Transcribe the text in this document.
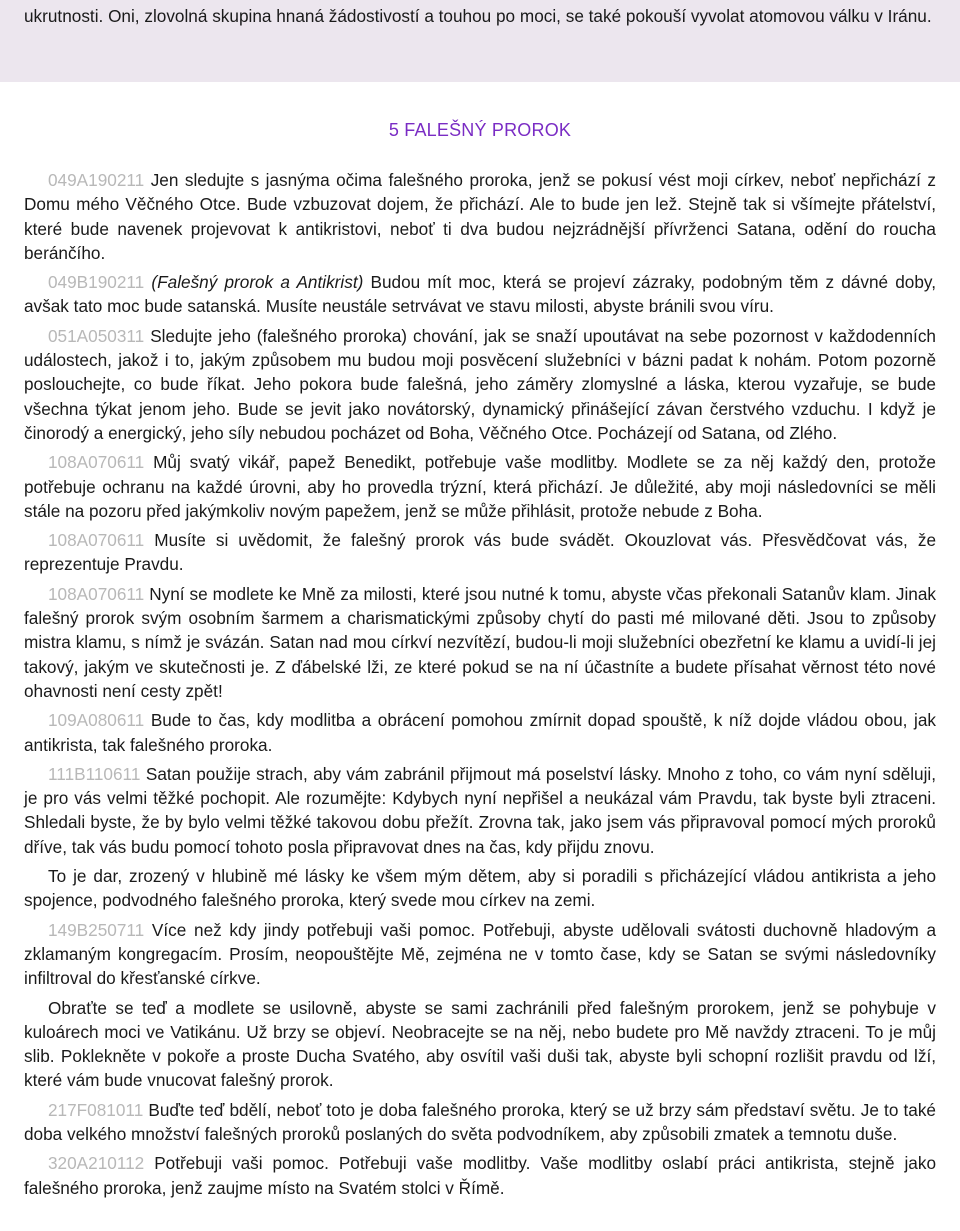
ukrutnosti. Oni, zlovolná skupina hnaná žádostivostí a touhou po moci, se také pokouší vyvolat atomovou válku v Iránu.
5 FALEŠNÝ PROROK

049A190211 Jen sledujte s jasnýma očima falešného proroka, jenž se pokusí vést moji církev, neboť nepřichází z Domu mého Věčného Otce. Bude vzbuzovat dojem, že přichází. Ale to bude jen lež. Stejně tak si všímejte přátelství, které bude navenek projevovat k antikristovi, neboť ti dva budou nejzrádnější přívrženci Satana, odění do roucha beránčího.

049B190211 (Falešný prorok a Antikrist) Budou mít moc, která se projeví zázraky, podobným těm z dávné doby, avšak tato moc bude satanská. Musíte neustále setrvávat ve stavu milosti, abyste bránili svou víru.

051A050311 Sledujte jeho (falešného proroka) chování, jak se snaží upoutávat na sebe pozornost v každodenních událostech, jakož i to, jakým způsobem mu budou moji posvěcení služebníci v bázni padat k nohám. Potom pozorně poslouchejte, co bude říkat. Jeho pokora bude falešná, jeho záměry zlomyslné a láska, kterou vyzařuje, se bude všechna týkat jenom jeho. Bude se jevit jako novátorský, dynamický přinášející závan čerstvého vzduchu. I když je činorodý a energický, jeho síly nebudou pocházet od Boha, Věčného Otce. Pocházejí od Satana, od Zlého.

108A070611 Můj svatý vikář, papež Benedikt, potřebuje vaše modlitby. Modlete se za něj každý den, protože potřebuje ochranu na každé úrovni, aby ho provedla trýzní, která přichází. Je důležité, aby moji následovníci se měli stále na pozoru před jakýmkoliv novým papežem, jenž se může přihlásit, protože nebude z Boha.

108A070611 Musíte si uvědomit, že falešný prorok vás bude svádět. Okouzlovat vás. Přesvědčovat vás, že reprezentuje Pravdu.

108A070611 Nyní se modlete ke Mně za milosti, které jsou nutné k tomu, abyste včas překonali Satanův klam. Jinak falešný prorok svým osobním šarmem a charismatickými způsoby chytí do pasti mé milované děti. Jsou to způsoby mistra klamu, s nímž je svázán. Satan nad mou církví nezvítězí, budou-li moji služebníci obezřetní ke klamu a uvidí-li jej takový, jakým ve skutečnosti je. Z ďábelské lži, ze které pokud se na ní účastníte a budete přísahat věrnost této nové ohavnosti není cesty zpět!

109A080611 Bude to čas, kdy modlitba a obrácení pomohou zmírnit dopad spouště, k níž dojde vládou obou, jak antikrista, tak falešného proroka.

111B110611 Satan použije strach, aby vám zabránil přijmout má poselství lásky. Mnoho z toho, co vám nyní sděluji, je pro vás velmi těžké pochopit. Ale rozumějte: Kdybych nyní nepřišel a neukázal vám Pravdu, tak byste byli ztraceni. Shledali byste, že by bylo velmi těžké takovou dobu přežít. Zrovna tak, jako jsem vás připravoval pomocí mých proroků dříve, tak vás budu pomocí tohoto posla připravovat dnes na čas, kdy přijdu znovu.

To je dar, zrozený v hlubině mé lásky ke všem mým dětem, aby si poradili s přicházející vládou antikrista a jeho spojence, podvodného falešného proroka, který svede mou církev na zemi.

149B250711 Více než kdy jindy potřebuji vaši pomoc. Potřebuji, abyste udělovali svátosti duchovně hladovým a zklamaným kongregacím. Prosím, neopouštějte Mě, zejména ne v tomto čase, kdy se Satan se svými následovníky infiltroval do křesťanské církve.

Obraťte se teď a modlete se usilovně, abyste se sami zachránili před falešným prorokem, jenž se pohybuje v kuloárech moci ve Vatikánu. Už brzy se objeví. Neobracejte se na něj, nebo budete pro Mě navždy ztraceni. To je můj slib. Poklekněte v pokoře a proste Ducha Svatého, aby osvítil vaši duši tak, abyste byli schopní rozlišit pravdu od lží, které vám bude vnucovat falešný prorok.

217F081011 Buďte teď bdělí, neboť toto je doba falešného proroka, který se už brzy sám představí světu. Je to také doba velkého množství falešných proroků poslaných do světa podvodníkem, aby způsobili zmatek a temnotu duše.

320A210112 Potřebuji vaši pomoc. Potřebuji vaše modlitby. Vaše modlitby oslabí práci antikrista, stejně jako falešného proroka, jenž zaujme místo na Svatém stolci v Římě.
